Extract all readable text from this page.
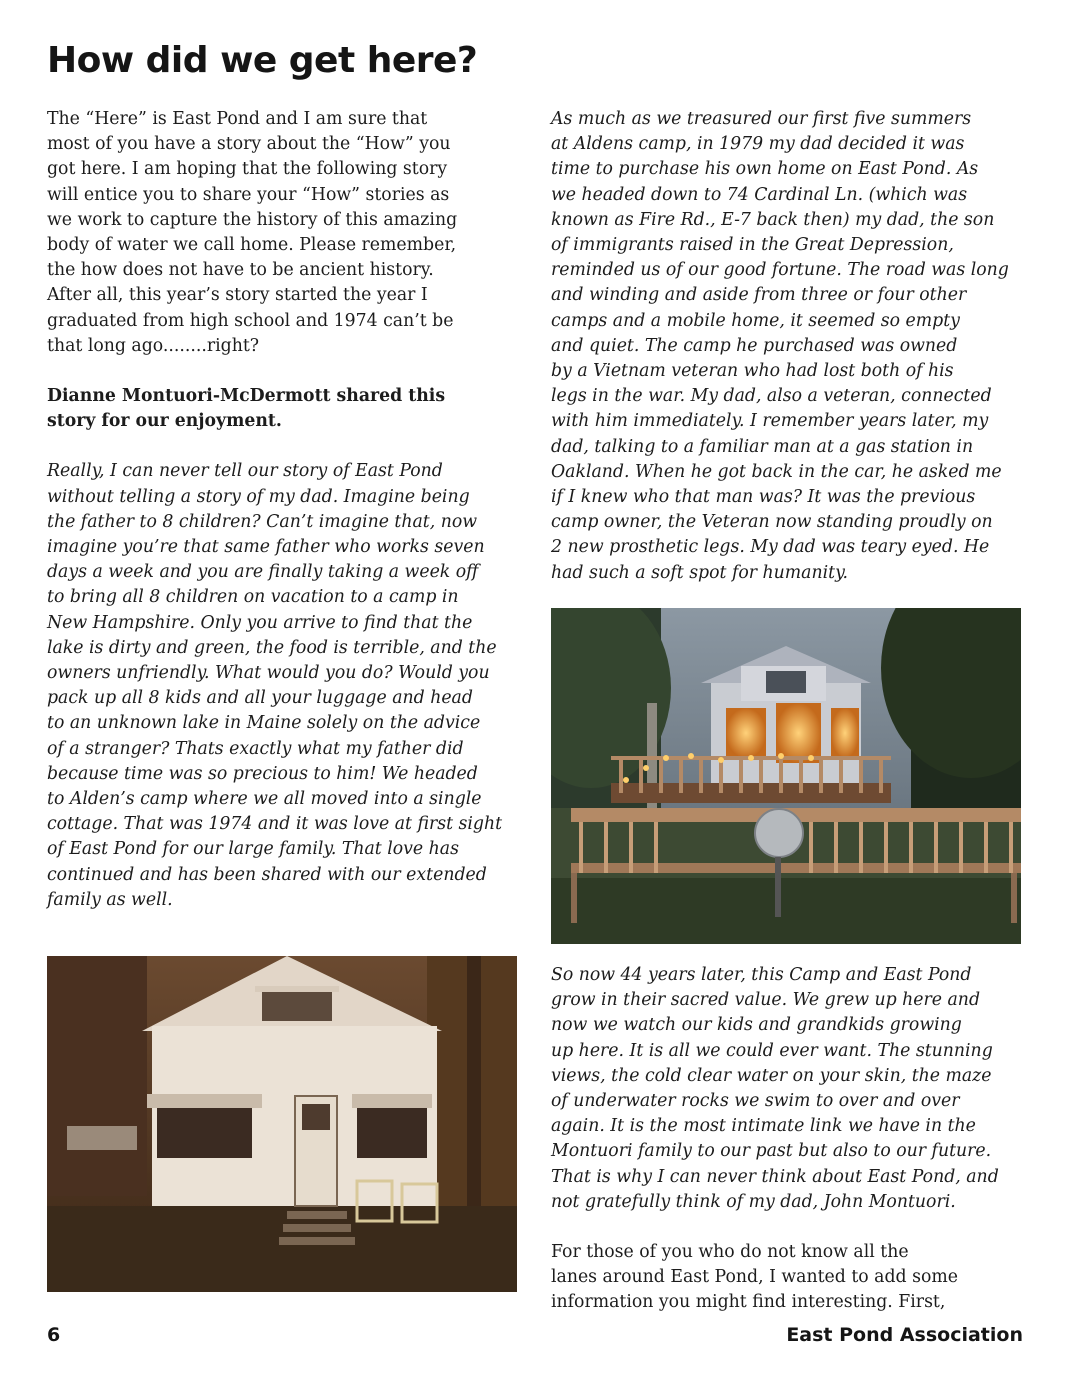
How did we get here?

The “Here” is East Pond and I am sure that
most of you have a story about the “How” you
got here. I am hoping that the following story
will entice you to share your “How” stories as
we work to capture the history of this amazing
body of water we call home. Please remember,
the how does not have to be ancient history.
After all, this year’s story started the year I
graduated from high school and 1974 can’t be
that long ago........right?

Dianne Montuori-McDermott shared this
story for our enjoyment.

Really, I can never tell our story of East Pond
without telling a story of my dad. Imagine being
the father to 8 children? Can’t imagine that, now
imagine you’re that same father who works seven
days a week and you are finally taking a week off
to bring all 8 children on vacation to a camp in
New Hampshire. Only you arrive to find that the
lake is dirty and green, the food is terrible, and the
owners unfriendly. What would you do? Would you
pack up all 8 kids and all your luggage and head
to an unknown lake in Maine solely on the advice
of a stranger? Thats exactly what my father did
because time was so precious to him! We headed
to Alden’s camp where we all moved into a single
cottage. That was 1974 and it was love at first sight
of East Pond for our large family. That love has
continued and has been shared with our extended
family as well.

As much as we treasured our first five summers
at Aldens camp, in 1979 my dad decided it was
time to purchase his own home on East Pond. As
we headed down to 74 Cardinal Ln. (which was
known as Fire Rd., E-7 back then) my dad, the son
of immigrants raised in the Great Depression,
reminded us of our good fortune. The road was long
and winding and aside from three or four other
camps and a mobile home, it seemed so empty
and quiet. The camp he purchased was owned
by a Vietnam veteran who had lost both of his
legs in the war. My dad, also a veteran, connected
with him immediately. I remember years later, my
dad, talking to a familiar man at a gas station in
Oakland. When he got back in the car, he asked me
if I knew who that man was? It was the previous
camp owner, the Veteran now standing proudly on
2 new prosthetic legs. My dad was teary eyed. He
had such a soft spot for humanity.

So now 44 years later, this Camp and East Pond
grow in their sacred value. We grew up here and
now we watch our kids and grandkids growing
up here. It is all we could ever want. The stunning
views, the cold clear water on your skin, the maze
of underwater rocks we swim to over and over
again. It is the most intimate link we have in the
Montuori family to our past but also to our future.
That is why I can never think about East Pond, and
not gratefully think of my dad, John Montuori.

For those of you who do not know all the
lanes around East Pond, I wanted to add some
information you might find interesting. First,

6	East Pond Association
